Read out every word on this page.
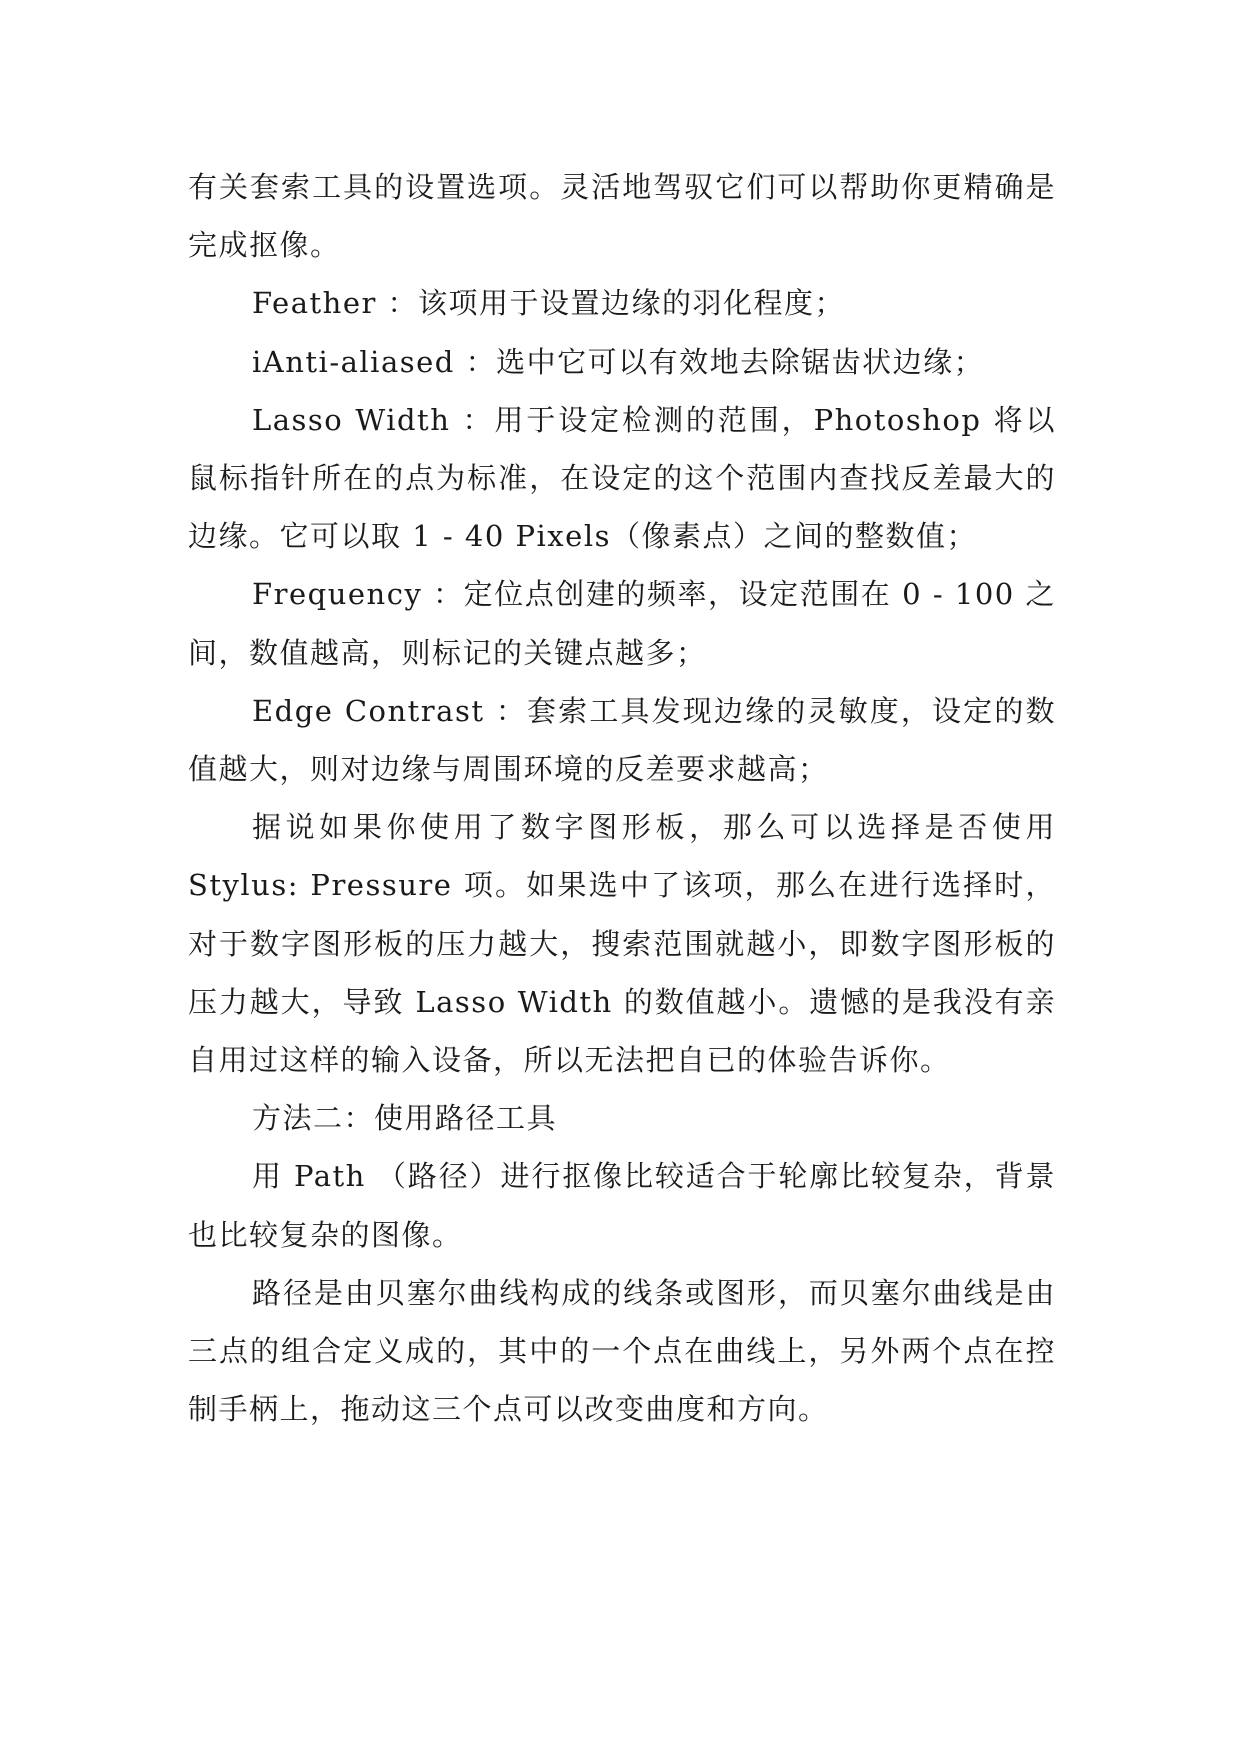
有关套索工具的设置选项。灵活地驾驭它们可以帮助你更精确是完成抠像。

Feather ：该项用于设置边缘的羽化程度；

iAnti-aliased ：选中它可以有效地去除锯齿状边缘；

Lasso Width ：用于设定检测的范围，Photoshop 将以鼠标指针所在的点为标准，在设定的这个范围内查找反差最大的边缘。它可以取 1 - 40 Pixels（像素点）之间的整数值；

Frequency ：定位点创建的频率，设定范围在 0 - 100 之间，数值越高，则标记的关键点越多；

Edge Contrast ：套索工具发现边缘的灵敏度，设定的数值越大，则对边缘与周围环境的反差要求越高；

据说如果你使用了数字图形板，那么可以选择是否使用 Stylus: Pressure 项。如果选中了该项，那么在进行选择时，对于数字图形板的压力越大，搜索范围就越小，即数字图形板的压力越大，导致 Lasso Width 的数值越小。遗憾的是我没有亲自用过这样的输入设备，所以无法把自已的体验告诉你。

方法二：使用路径工具

用 Path （路径）进行抠像比较适合于轮廓比较复杂，背景也比较复杂的图像。

路径是由贝塞尔曲线构成的线条或图形，而贝塞尔曲线是由三点的组合定义成的，其中的一个点在曲线上，另外两个点在控制手柄上，拖动这三个点可以改变曲度和方向。
